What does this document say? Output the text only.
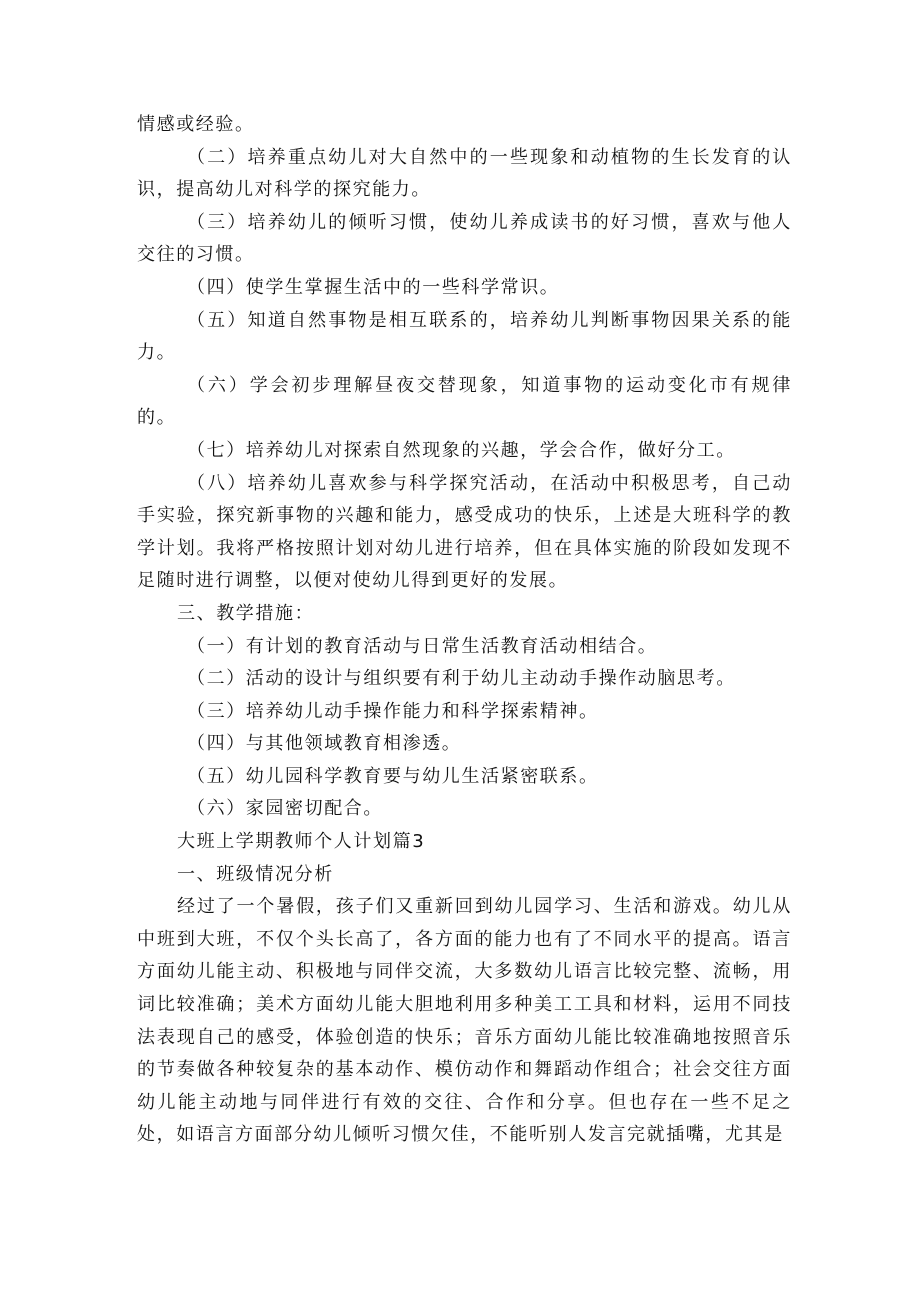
情感或经验。

（二）培养重点幼儿对大自然中的一些现象和动植物的生长发育的认识，提高幼儿对科学的探究能力。

（三）培养幼儿的倾听习惯，使幼儿养成读书的好习惯，喜欢与他人交往的习惯。

（四）使学生掌握生活中的一些科学常识。

（五）知道自然事物是相互联系的，培养幼儿判断事物因果关系的能力。

（六）学会初步理解昼夜交替现象，知道事物的运动变化市有规律的。

（七）培养幼儿对探索自然现象的兴趣，学会合作，做好分工。

（八）培养幼儿喜欢参与科学探究活动，在活动中积极思考，自己动手实验，探究新事物的兴趣和能力，感受成功的快乐，上述是大班科学的教学计划。我将严格按照计划对幼儿进行培养，但在具体实施的阶段如发现不足随时进行调整，以便对使幼儿得到更好的发展。

三、教学措施：

（一）有计划的教育活动与日常生活教育活动相结合。

（二）活动的设计与组织要有利于幼儿主动动手操作动脑思考。

（三）培养幼儿动手操作能力和科学探索精神。

（四）与其他领域教育相渗透。

（五）幼儿园科学教育要与幼儿生活紧密联系。

（六）家园密切配合。

大班上学期教师个人计划篇3

一、班级情况分析

经过了一个暑假，孩子们又重新回到幼儿园学习、生活和游戏。幼儿从中班到大班，不仅个头长高了，各方面的能力也有了不同水平的提高。语言方面幼儿能主动、积极地与同伴交流，大多数幼儿语言比较完整、流畅，用词比较准确；美术方面幼儿能大胆地利用多种美工工具和材料，运用不同技法表现自己的感受，体验创造的快乐；音乐方面幼儿能比较准确地按照音乐的节奏做各种较复杂的基本动作、模仿动作和舞蹈动作组合；社会交往方面幼儿能主动地与同伴进行有效的交往、合作和分享。但也存在一些不足之处，如语言方面部分幼儿倾听习惯欠佳，不能听别人发言完就插嘴，尤其是
